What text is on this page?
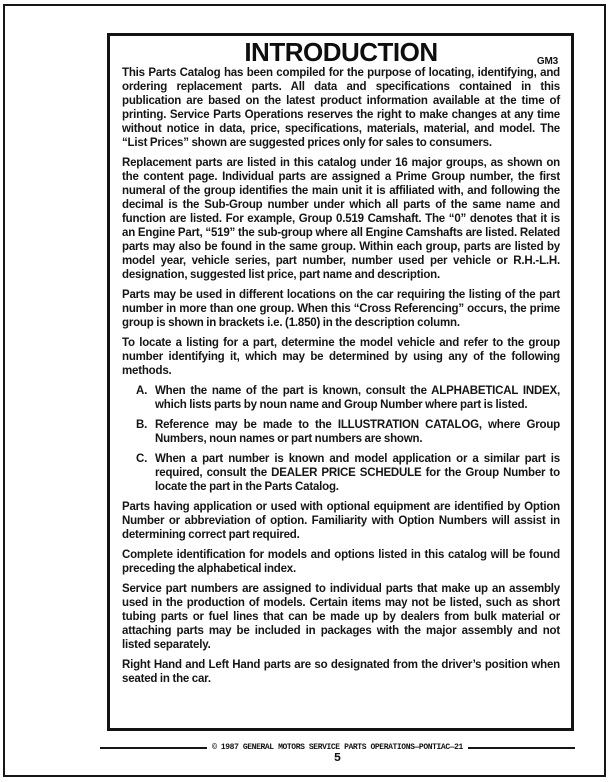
INTRODUCTION	GM3

This Parts Catalog has been compiled for the purpose of locating, identifying, and ordering replacement parts. All data and specifications contained in this publication are based on the latest product information available at the time of printing. Service Parts Operations reserves the right to make changes at any time without notice in data, price, specifications, materials, material, and model. The “List Prices” shown are suggested prices only for sales to consumers.

Replacement parts are listed in this catalog under 16 major groups, as shown on the content page. Individual parts are assigned a Prime Group number, the first numeral of the group identifies the main unit it is affiliated with, and following the decimal is the Sub-Group number under which all parts of the same name and function are listed. For example, Group 0.519 Camshaft. The “0” denotes that it is an Engine Part, “519” the sub-group where all Engine Camshafts are listed. Related parts may also be found in the same group. Within each group, parts are listed by model year, vehicle series, part number, number used per vehicle or R.H.-L.H. designation, suggested list price, part name and description.

Parts may be used in different locations on the car requiring the listing of the part number in more than one group. When this “Cross Referencing” occurs, the prime group is shown in brackets i.e. (1.850) in the description column.

To locate a listing for a part, determine the model vehicle and refer to the group number identifying it, which may be determined by using any of the following methods.

A. When the name of the part is known, consult the ALPHABETICAL INDEX, which lists parts by noun name and Group Number where part is listed.
B. Reference may be made to the ILLUSTRATION CATALOG, where Group Numbers, noun names or part numbers are shown.
C. When a part number is known and model application or a similar part is required, consult the DEALER PRICE SCHEDULE for the Group Number to locate the part in the Parts Catalog.

Parts having application or used with optional equipment are identified by Option Number or abbreviation of option. Familiarity with Option Numbers will assist in determining correct part required.

Complete identification for models and options listed in this catalog will be found preceding the alphabetical index.

Service part numbers are assigned to individual parts that make up an assembly used in the production of models. Certain items may not be listed, such as short tubing parts or fuel lines that can be made up by dealers from bulk material or attaching parts may be included in packages with the major assembly and not listed separately.

Right Hand and Left Hand parts are so designated from the driver’s position when seated in the car.

© 1987 GENERAL MOTORS SERVICE PARTS OPERATIONS—PONTIAC—21
5
